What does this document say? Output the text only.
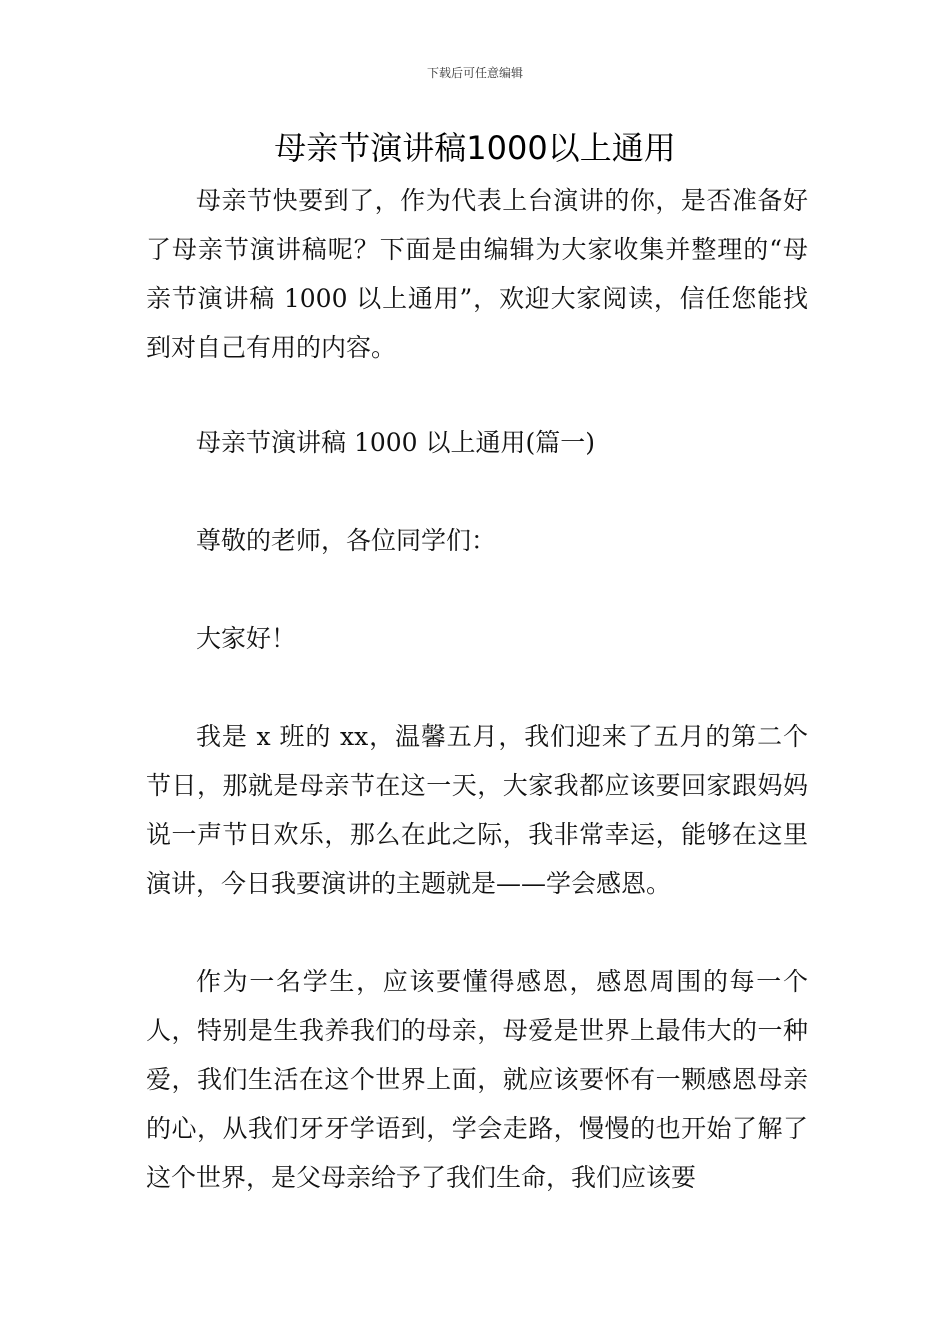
下载后可任意编辑
母亲节演讲稿1000以上通用

母亲节快要到了，作为代表上台演讲的你，是否准备好了母亲节演讲稿呢？下面是由编辑为大家收集并整理的“母亲节演讲稿 1000 以上通用”，欢迎大家阅读，信任您能找到对自己有用的内容。

母亲节演讲稿 1000 以上通用(篇一)

尊敬的老师，各位同学们：

大家好！

我是 x 班的 xx，温馨五月，我们迎来了五月的第二个节日，那就是母亲节在这一天，大家我都应该要回家跟妈妈说一声节日欢乐，那么在此之际，我非常幸运，能够在这里演讲，今日我要演讲的主题就是——学会感恩。

作为一名学生，应该要懂得感恩，感恩周围的每一个人，特别是生我养我们的母亲，母爱是世界上最伟大的一种爱，我们生活在这个世界上面，就应该要怀有一颗感恩母亲的心，从我们牙牙学语到，学会走路，慢慢的也开始了解了这个世界，是父母亲给予了我们生命，我们应该要
